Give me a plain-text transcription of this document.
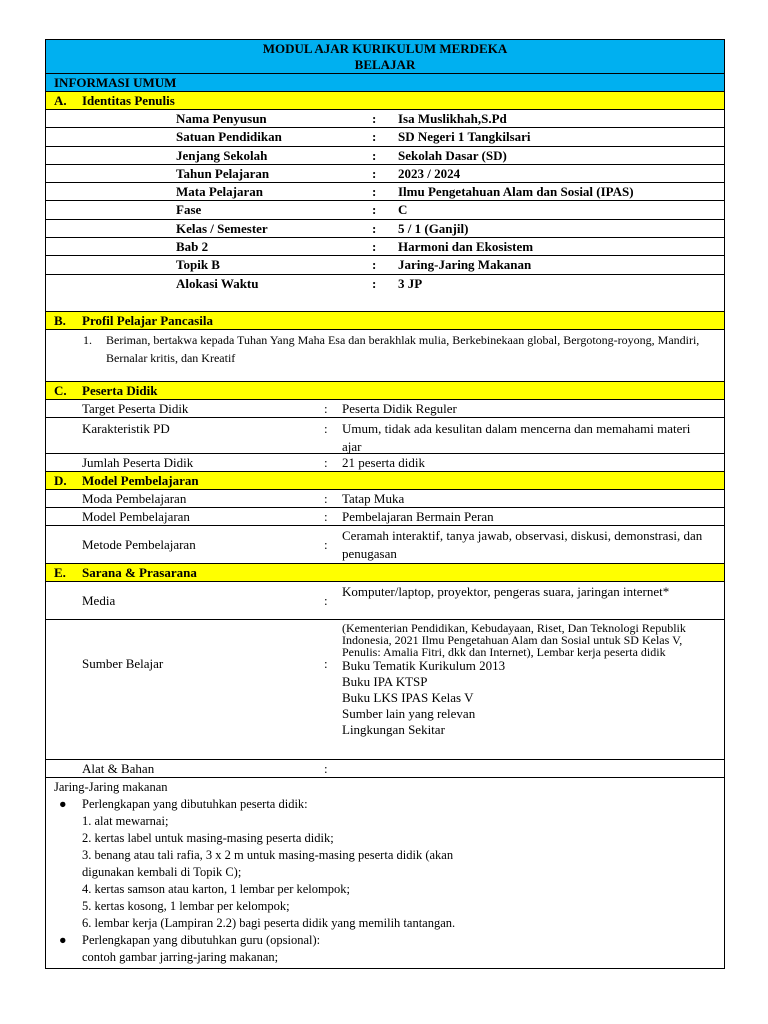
MODUL AJAR KURIKULUM MERDEKA
BELAJAR
INFORMASI UMUM
A. Identitas Penulis
Nama Penyusun	: Isa Muslikhah,S.Pd
Satuan Pendidikan	: SD Negeri 1 Tangkilsari
Jenjang Sekolah	: Sekolah Dasar (SD)
Tahun Pelajaran	: 2023 / 2024
Mata Pelajaran	: Ilmu Pengetahuan Alam dan Sosial (IPAS)
Fase	: C
Kelas / Semester	: 5 / 1 (Ganjil)
Bab 2	: Harmoni dan Ekosistem
Topik B	: Jaring-Jaring Makanan
Alokasi Waktu	: 3 JP
B. Profil Pelajar Pancasila
1. Beriman, bertakwa kepada Tuhan Yang Maha Esa dan berakhlak mulia, Berkebinekaan global, Bergotong-royong, Mandiri, Bernalar kritis, dan Kreatif
C. Peserta Didik
Target Peserta Didik	: Peserta Didik Reguler
Karakteristik PD	: Umum, tidak ada kesulitan dalam mencerna dan memahami materi ajar
Jumlah Peserta Didik	: 21 peserta didik
D. Model Pembelajaran
Moda Pembelajaran	: Tatap Muka
Model Pembelajaran	: Pembelajaran Bermain Peran
Metode Pembelajaran	:
Ceramah interaktif, tanya jawab, observasi, diskusi, demonstrasi, dan penugasan
E. Sarana & Prasarana
Media	:
Komputer/laptop, proyektor, pengeras suara, jaringan internet*
Sumber Belajar	:
(Kementerian Pendidikan, Kebudayaan, Riset, Dan Teknologi Republik Indonesia, 2021 Ilmu Pengetahuan Alam dan Sosial untuk SD Kelas V, Penulis: Amalia Fitri, dkk dan Internet), Lembar kerja peserta didik
Buku Tematik Kurikulum 2013
Buku IPA KTSP
Buku LKS IPAS Kelas V
Sumber lain yang relevan
Lingkungan Sekitar
Alat & Bahan	:
Jaring-Jaring makanan
● Perlengkapan yang dibutuhkan peserta didik:
1. alat mewarnai;
2. kertas label untuk masing-masing peserta didik;
3. benang atau tali rafia, 3 x 2 m untuk masing-masing peserta didik (akan
digunakan kembali di Topik C);
4. kertas samson atau karton, 1 lembar per kelompok;
5. kertas kosong, 1 lembar per kelompok;
6. lembar kerja (Lampiran 2.2) bagi peserta didik yang memilih tantangan.
● Perlengkapan yang dibutuhkan guru (opsional):
contoh gambar jarring-jaring makanan;
